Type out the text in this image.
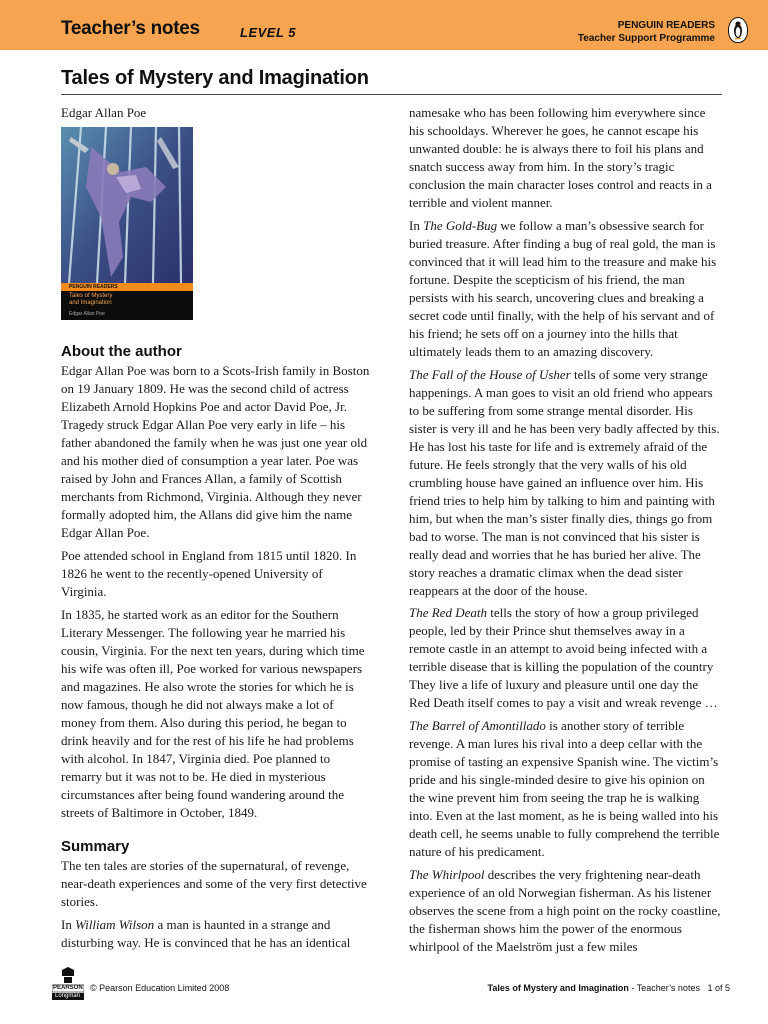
Teacher’s notes	LEVEL 5	PENGUIN READERS
Teacher Support Programme
Tales of Mystery and Imagination
Edgar Allan Poe
PENGUIN READERS
Tales of Mystery
and Imagination
Edgar Allan Poe
About the author

Edgar Allan Poe was born to a Scots-Irish family in Boston on 19 January 1809. He was the second child of actress Elizabeth Arnold Hopkins Poe and actor David Poe, Jr. Tragedy struck Edgar Allan Poe very early in life – his father abandoned the family when he was just one year old and his mother died of consumption a year later. Poe was raised by John and Frances Allan, a family of Scottish merchants from Richmond, Virginia. Although they never formally adopted him, the Allans did give him the name Edgar Allan Poe.

Poe attended school in England from 1815 until 1820. In 1826 he went to the recently-opened University of Virginia.

In 1835, he started work as an editor for the Southern Literary Messenger. The following year he married his cousin, Virginia. For the next ten years, during which time his wife was often ill, Poe worked for various newspapers and magazines. He also wrote the stories for which he is now famous, though he did not always make a lot of money from them. Also during this period, he began to drink heavily and for the rest of his life he had problems with alcohol. In 1847, Virginia died. Poe planned to remarry but it was not to be. He died in mysterious circumstances after being found wandering around the streets of Baltimore in October, 1849.

Summary

The ten tales are stories of the supernatural, of revenge, near-death experiences and some of the very first detective stories.

In William Wilson a man is haunted in a strange and disturbing way. He is convinced that he has an identical

namesake who has been following him everywhere since his schooldays. Wherever he goes, he cannot escape his unwanted double: he is always there to foil his plans and snatch success away from him. In the story’s tragic conclusion the main character loses control and reacts in a terrible and violent manner.

In The Gold-Bug we follow a man’s obsessive search for buried treasure. After finding a bug of real gold, the man is convinced that it will lead him to the treasure and make his fortune. Despite the scepticism of his friend, the man persists with his search, uncovering clues and breaking a secret code until finally, with the help of his servant and of his friend; he sets off on a journey into the hills that ultimately leads them to an amazing discovery.

The Fall of the House of Usher tells of some very strange happenings. A man goes to visit an old friend who appears to be suffering from some strange mental disorder. His sister is very ill and he has been very badly affected by this. He has lost his taste for life and is extremely afraid of the future. He feels strongly that the very walls of his old crumbling house have gained an influence over him. His friend tries to help him by talking to him and painting with him, but when the man’s sister finally dies, things go from bad to worse. The man is not convinced that his sister is really dead and worries that he has buried her alive. The story reaches a dramatic climax when the dead sister reappears at the door of the house.

The Red Death tells the story of how a group privileged people, led by their Prince shut themselves away in a remote castle in an attempt to avoid being infected with a terrible disease that is killing the population of the country They live a life of luxury and pleasure until one day the Red Death itself comes to pay a visit and wreak revenge …

The Barrel of Amontillado is another story of terrible revenge. A man lures his rival into a deep cellar with the promise of tasting an expensive Spanish wine. The victim’s pride and his single-minded desire to give his opinion on the wine prevent him from seeing the trap he is walking into. Even at the last moment, as he is being walled into his death cell, he seems unable to fully comprehend the terrible nature of his predicament.

The Whirlpool describes the very frightening near-death experience of an old Norwegian fisherman. As his listener observes the scene from a high point on the rocky coastline, the fisherman shows him the power of the enormous whirlpool of the Maelström just a few miles

PEARSON
Longman
© Pearson Education Limited 2008	Tales of Mystery and Imagination - Teacher’s notes 1 of 5
